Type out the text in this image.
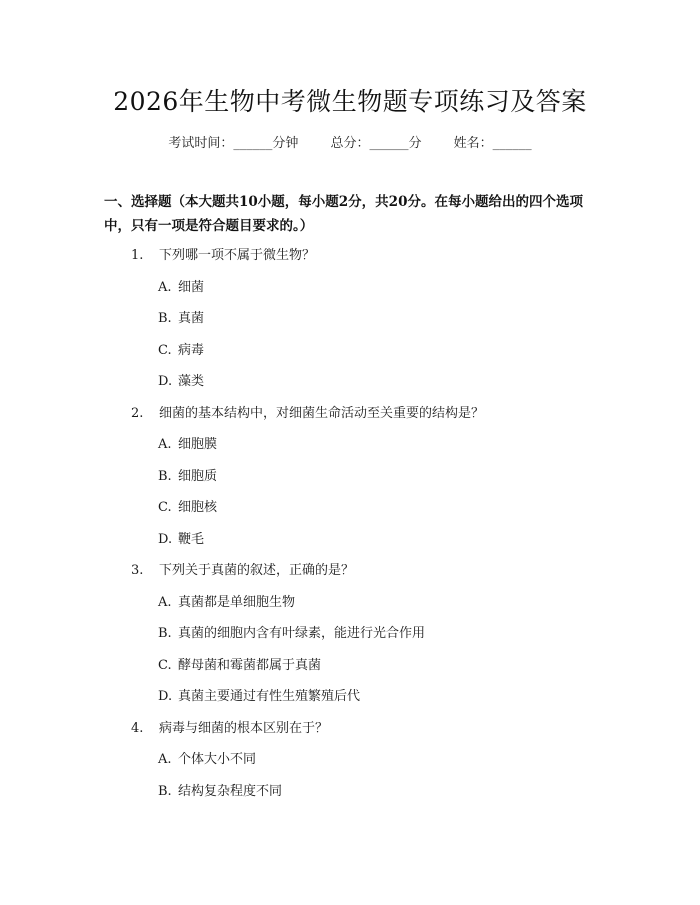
2026年生物中考微生物题专项练习及答案
考试时间：______分钟 总分：______分 姓名：______
一、选择题（本大题共10小题，每小题2分，共20分。在每小题给出的四个选项中，只有一项是符合题目要求的。）
1. 下列哪一项不属于微生物？
A. 细菌
B. 真菌
C. 病毒
D. 藻类
2. 细菌的基本结构中，对细菌生命活动至关重要的结构是？
A. 细胞膜
B. 细胞质
C. 细胞核
D. 鞭毛
3. 下列关于真菌的叙述，正确的是？
A. 真菌都是单细胞生物
B. 真菌的细胞内含有叶绿素，能进行光合作用
C. 酵母菌和霉菌都属于真菌
D. 真菌主要通过有性生殖繁殖后代
4. 病毒与细菌的根本区别在于？
A. 个体大小不同
B. 结构复杂程度不同
